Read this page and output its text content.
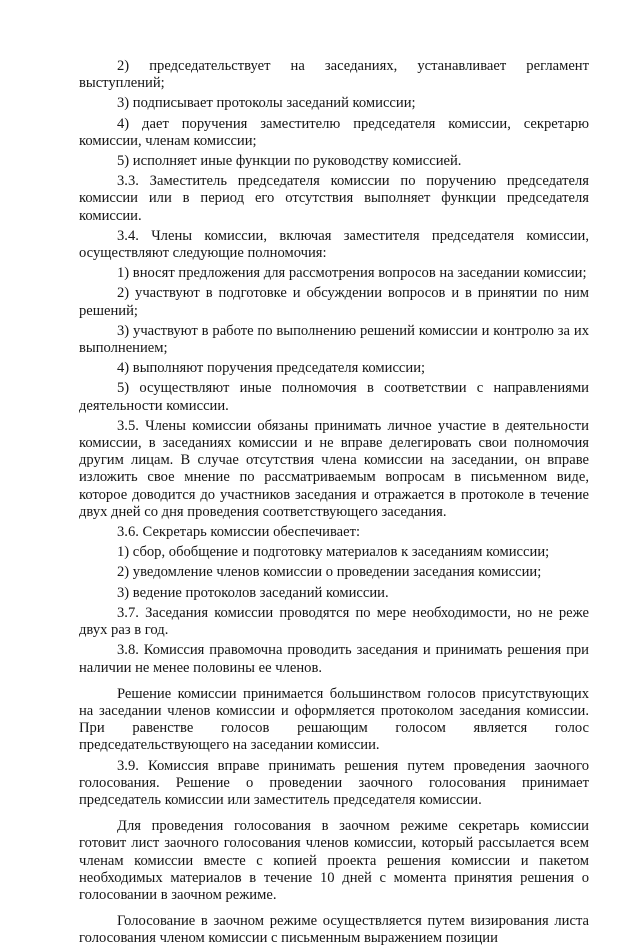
2) председательствует на заседаниях, устанавливает регламент выступлений;

3) подписывает протоколы заседаний комиссии;

4) дает поручения заместителю председателя комиссии, секретарю комиссии, членам комиссии;

5) исполняет иные функции по руководству комиссией.

3.3. Заместитель председателя комиссии по поручению председателя комиссии или в период его отсутствия выполняет функции председателя комиссии.

3.4. Члены комиссии, включая заместителя председателя комиссии, осуществляют следующие полномочия:

1) вносят предложения для рассмотрения вопросов на заседании комиссии;

2) участвуют в подготовке и обсуждении вопросов и в принятии по ним решений;

3) участвуют в работе по выполнению решений комиссии и контролю за их выполнением;

4) выполняют поручения председателя комиссии;

5) осуществляют иные полномочия в соответствии с направлениями деятельности комиссии.

3.5. Члены комиссии обязаны принимать личное участие в деятельности комиссии, в заседаниях комиссии и не вправе делегировать свои полномочия другим лицам. В случае отсутствия члена комиссии на заседании, он вправе изложить свое мнение по рассматриваемым вопросам в письменном виде, которое доводится до участников заседания и отражается в протоколе в течение двух дней со дня проведения соответствующего заседания.

3.6. Секретарь комиссии обеспечивает:

1) сбор, обобщение и подготовку материалов к заседаниям комиссии;

2) уведомление членов комиссии о проведении заседания комиссии;

3) ведение протоколов заседаний комиссии.

3.7. Заседания комиссии проводятся по мере необходимости, но не реже двух раз в год.

3.8. Комиссия правомочна проводить заседания и принимать решения при наличии не менее половины ее членов.

Решение комиссии принимается большинством голосов присутствующих на заседании членов комиссии и оформляется протоколом заседания комиссии. При равенстве голосов решающим голосом является голос председательствующего на заседании комиссии.

3.9. Комиссия вправе принимать решения путем проведения заочного голосования. Решение о проведении заочного голосования принимает председатель комиссии или заместитель председателя комиссии.

Для проведения голосования в заочном режиме секретарь комиссии готовит лист заочного голосования членов комиссии, который рассылается всем членам комиссии вместе с копией проекта решения комиссии и пакетом необходимых материалов в течение 10 дней с момента принятия решения о голосовании в заочном режиме.

Голосование в заочном режиме осуществляется путем визирования листа голосования членом комиссии с письменным выражением позиции
